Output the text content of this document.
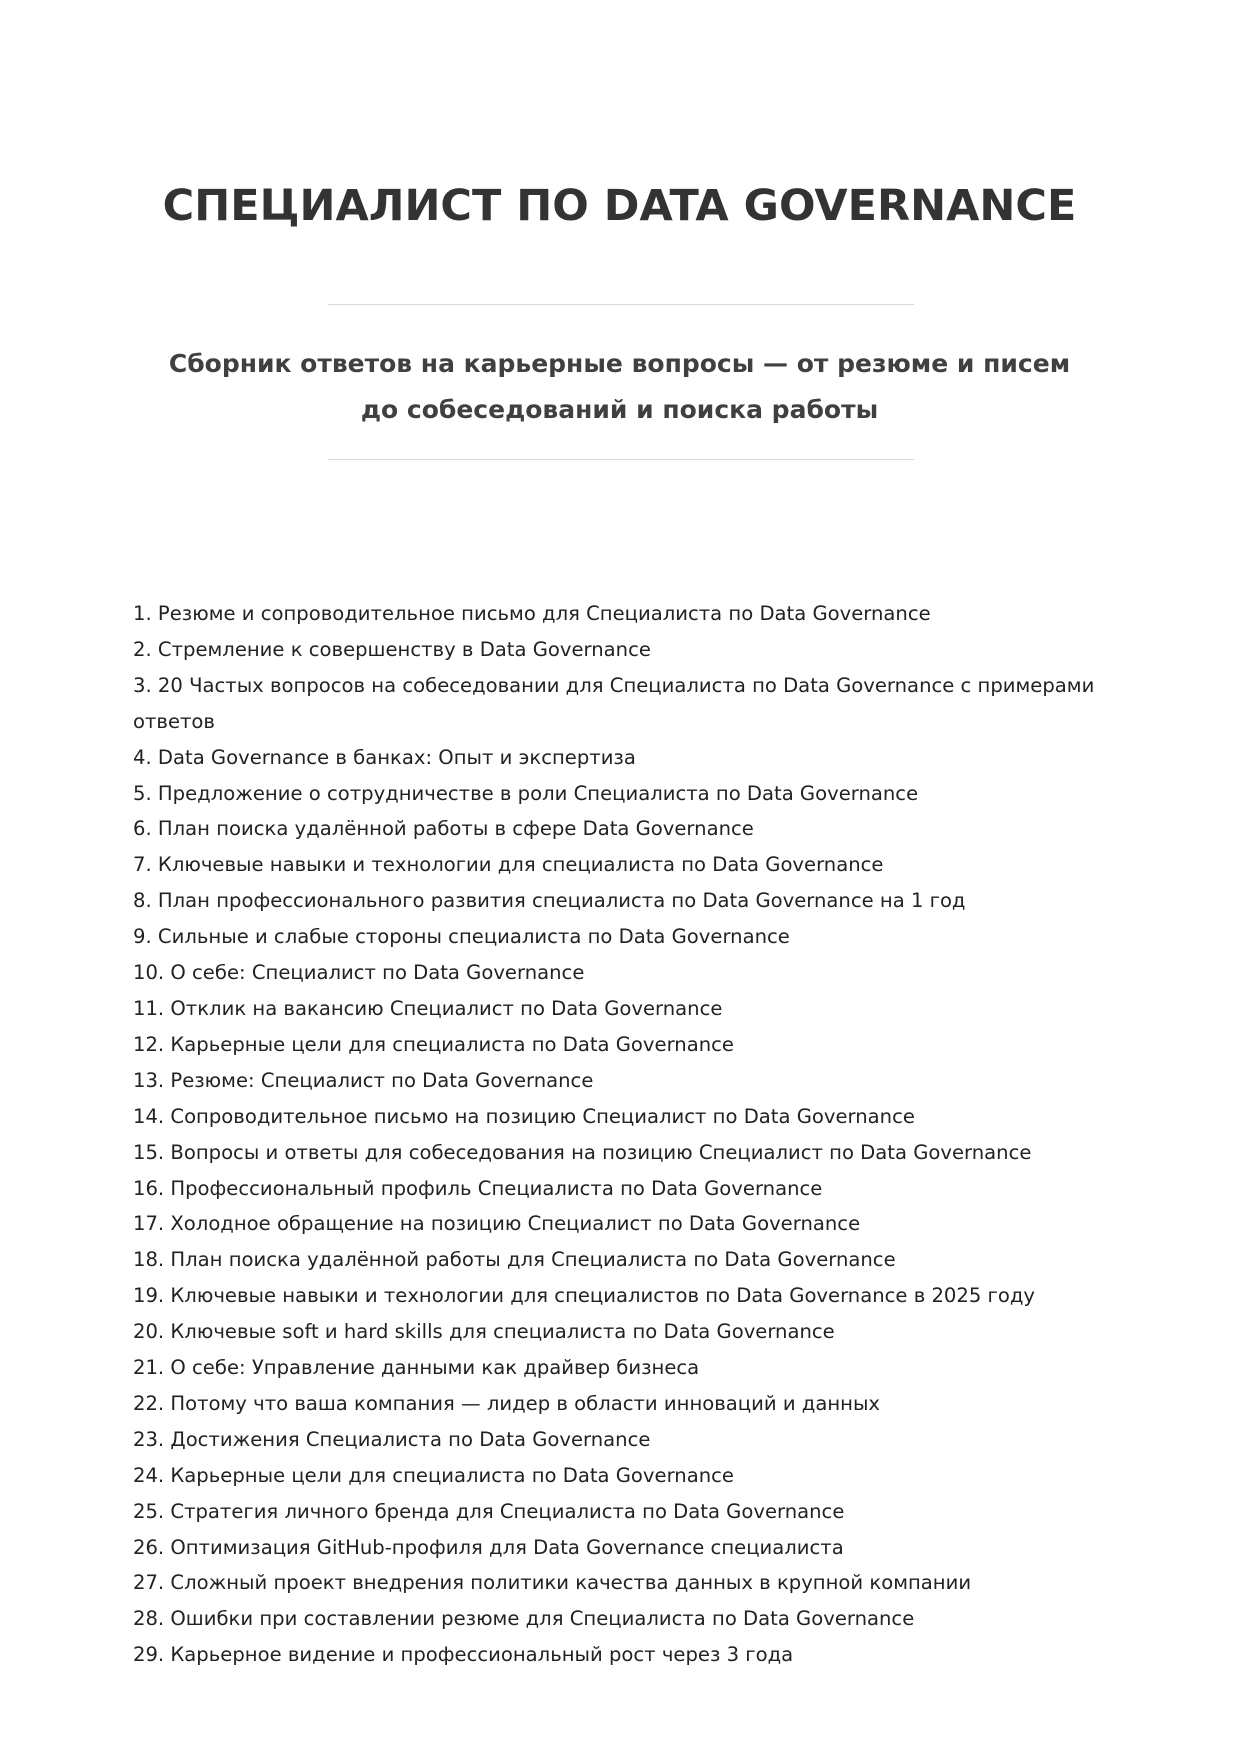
СПЕЦИАЛИСТ ПО DATA GOVERNANCE

Сборник ответов на карьерные вопросы — от резюме и писем до собеседований и поиска работы

1. Резюме и сопроводительное письмо для Специалиста по Data Governance
2. Стремление к совершенству в Data Governance
3. 20 Частых вопросов на собеседовании для Специалиста по Data Governance с примерами ответов
4. Data Governance в банках: Опыт и экспертиза
5. Предложение о сотрудничестве в роли Специалиста по Data Governance
6. План поиска удалённой работы в сфере Data Governance
7. Ключевые навыки и технологии для специалиста по Data Governance
8. План профессионального развития специалиста по Data Governance на 1 год
9. Сильные и слабые стороны специалиста по Data Governance
10. О себе: Специалист по Data Governance
11. Отклик на вакансию Специалист по Data Governance
12. Карьерные цели для специалиста по Data Governance
13. Резюме: Специалист по Data Governance
14. Сопроводительное письмо на позицию Специалист по Data Governance
15. Вопросы и ответы для собеседования на позицию Специалист по Data Governance
16. Профессиональный профиль Специалиста по Data Governance
17. Холодное обращение на позицию Специалист по Data Governance
18. План поиска удалённой работы для Специалиста по Data Governance
19. Ключевые навыки и технологии для специалистов по Data Governance в 2025 году
20. Ключевые soft и hard skills для специалиста по Data Governance
21. О себе: Управление данными как драйвер бизнеса
22. Потому что ваша компания — лидер в области инноваций и данных
23. Достижения Специалиста по Data Governance
24. Карьерные цели для специалиста по Data Governance
25. Стратегия личного бренда для Специалиста по Data Governance
26. Оптимизация GitHub-профиля для Data Governance специалиста
27. Сложный проект внедрения политики качества данных в крупной компании
28. Ошибки при составлении резюме для Специалиста по Data Governance
29. Карьерное видение и профессиональный рост через 3 года
